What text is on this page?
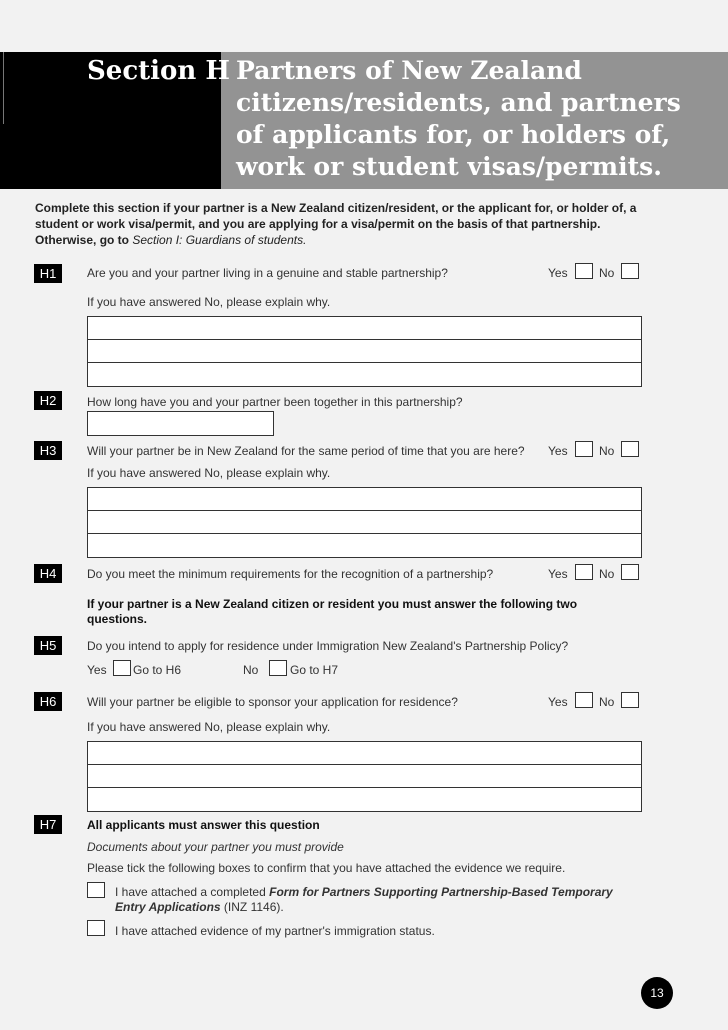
Section H Partners of New Zealand citizens/residents, and partners of applicants for, or holders of, work or student visas/permits.
Complete this section if your partner is a New Zealand citizen/resident, or the applicant for, or holder of, a student or work visa/permit, and you are applying for a visa/permit on the basis of that partnership. Otherwise, go to Section I: Guardians of students.
H1	Are you and your partner living in a genuine and stable partnership?	Yes	No
If you have answered No, please explain why.
H2	How long have you and your partner been together in this partnership?
H3	Will your partner be in New Zealand for the same period of time that you are here? Yes	No
If you have answered No, please explain why.
H4	Do you meet the minimum requirements for the recognition of a partnership?	Yes	No
If your partner is a New Zealand citizen or resident you must answer the following two questions.
H5	Do you intend to apply for residence under Immigration New Zealand's Partnership Policy?
Yes Go to H6	No	Go to H7
H6	Will your partner be eligible to sponsor your application for residence?	Yes	No
If you have answered No, please explain why.
H7	All applicants must answer this question
Documents about your partner you must provide
Please tick the following boxes to confirm that you have attached the evidence we require.
I have attached a completed Form for Partners Supporting Partnership-Based Temporary Entry Applications (INZ 1146).
I have attached evidence of my partner's immigration status.
13
